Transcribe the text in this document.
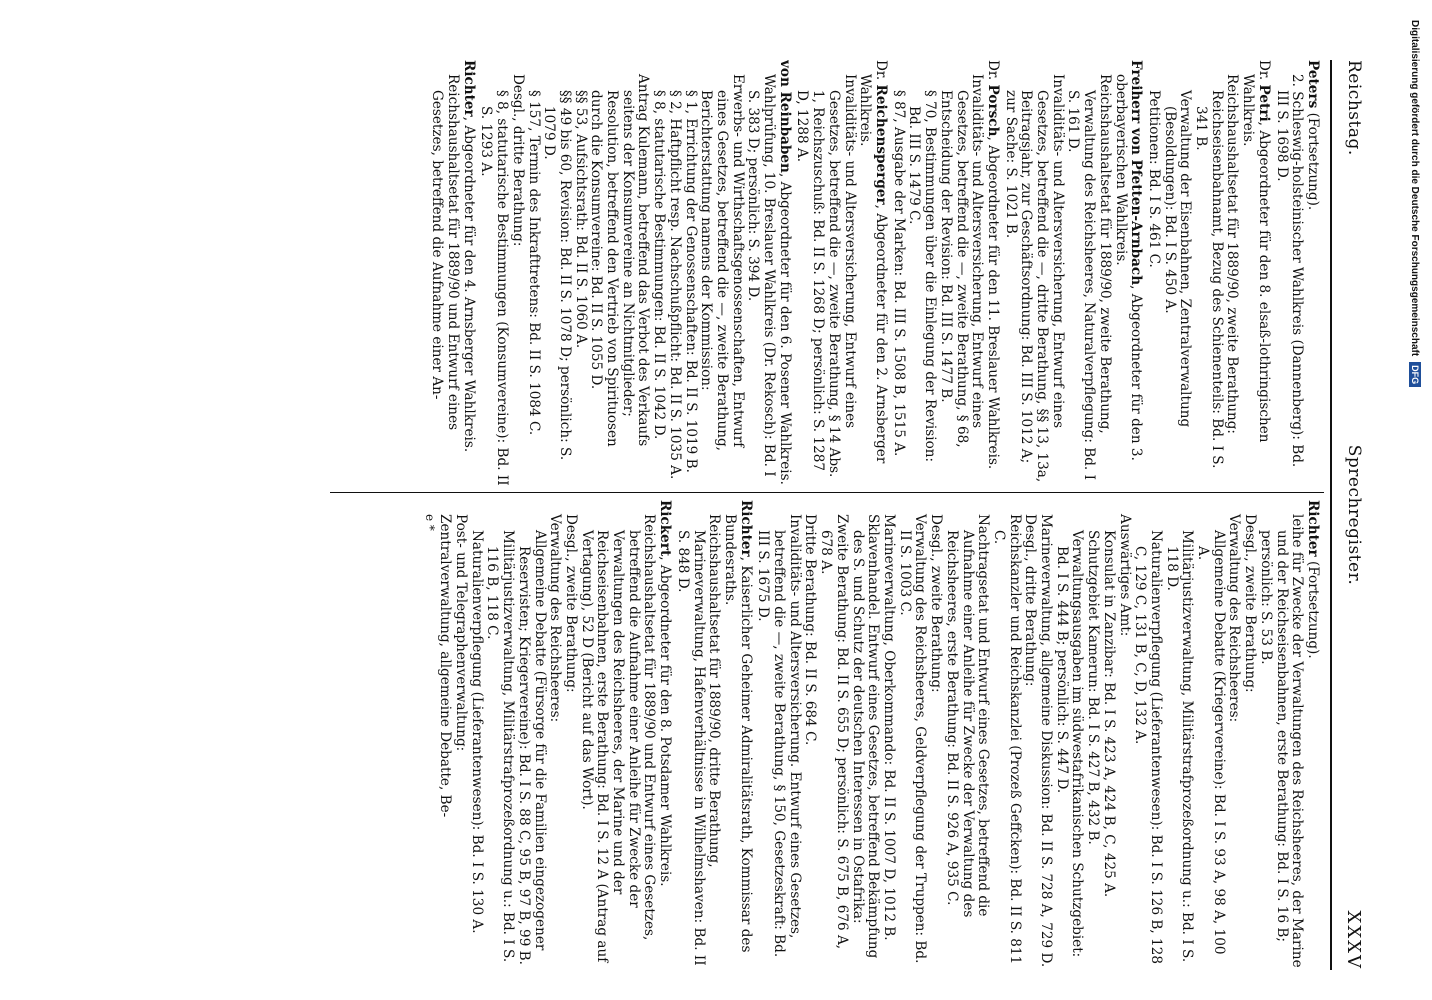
Reichstag.
Sprechregister.
XXXV
Peters (Fortsetzung).
2. Schleswig-holsteinischer Wahlkreis (Dannenberg): Bd. III S. 1698 D.
Dr. Petri, Abgeordneter für den 8. elsaß-lothringischen Wahlkreis.
Reichshaushaltsetat für 1889/90, zweite Berathung:
Reichseisenbahnamt, Bezug des Schienenteils: Bd. I S. 341 B.
Verwaltung der Eisenbahnen, Zentralverwaltung (Besoldungen): Bd. I S. 450 A.
Petitionen: Bd. I S. 461 C.
Freiherr von Pfetten-Arnbach, Abgeordneter für den 3. oberbayerischen Wahlkreis.
Reichshaushaltsetat für 1889/90, zweite Berathung, Verwaltung des Reichsheeres, Naturalverpflegung: Bd. I S. 161 D.
Invaliditäts- und Altersversicherung, Entwurf eines Gesetzes, betreffend die —, dritte Berathung, §§ 13, 13a, Beitragsjahr, zur Geschäftsordnung: Bd. III S. 1012 A; zur Sache: S. 1021 B.
Dr. Porsch, Abgeordneter für den 11. Breslauer Wahlkreis.
Invaliditäts- und Altersversicherung, Entwurf eines Gesetzes, betreffend die —, zweite Berathung, § 68, Entscheidung der Revision: Bd. III S. 1477 B.
§ 70, Bestimmungen über die Einlegung der Revision: Bd. III S. 1479 C.
§ 87, Ausgabe der Marken: Bd. III S. 1508 B, 1515 A.
Dr. Reichensperger, Abgeordneter für den 2. Arnsberger Wahlkreis.
Invaliditäts- und Altersversicherung, Entwurf eines Gesetzes, betreffend die —, zweite Berathung, § 14 Abs. 1, Reichszuschuß: Bd. II S. 1268 D; persönlich: S. 1287 D, 1288 A.
von Reinbaben, Abgeordneter für den 6. Posener Wahlkreis.
Wahlprüfung, 10. Breslauer Wahlkreis (Dr. Rekosch): Bd. I S. 383 D; persönlich: S. 394 D.
Erwerbs- und Wirthschaftsgenossenschaften, Entwurf eines Gesetzes, betreffend die —, zweite Berathung, Berichterstattung namens der Kommission:
§ 1, Errichtung der Genossenschaften: Bd. II S. 1019 B.
§ 2, Haftpflicht resp. Nachschußpflicht: Bd. II S. 1035 A.
§ 8, statutarische Bestimmungen: Bd. II S. 1042 D.
Antrag Kulemann, betreffend das Verbot des Verkaufs seitens der Konsumvereine an Nichtmitglieder; Resolution, betreffend den Vertrieb von Spirituosen durch die Konsumvereine: Bd. II S. 1055 D.
§§ 53, Aufsichtsrath: Bd. II S. 1060 A.
§§ 49 bis 60, Revision: Bd. II S. 1078 D; persönlich: S. 1079 D.
§ 157, Termin des Inkrafttretens: Bd. II S. 1084 C.
Desgl., dritte Berathung:
§ 8, statutarische Bestimmungen (Konsumvereine): Bd. II S. 1293 A.
Richter, Abgeordneter für den 4. Arnsberger Wahlkreis.
Reichshaushaltsetat für 1889/90 und Entwurf eines Gesetzes, betreffend die Aufnahme einer An-
Richter (Fortsetzung).
leihe für Zwecke der Verwaltungen des Reichsheeres, der Marine und der Reichseisenbahnen, erste Berathung: Bd. I S. 16 B; persönlich: S. 53 B.
Desgl., zweite Berathung:
Verwaltung des Reichsheeres:
Allgemeine Debatte (Kriegervereine): Bd. I S. 93 A, 98 A, 100 A.
Militärjustizverwaltung, Militärstrafprozeßordnung u.: Bd. I S. 118 D.
Naturalienverpflegung (Lieferantenwesen): Bd. I S. 126 B, 128 C, 129 C, 131 B, C, D, 132 A.
Auswärtiges Amt:
Konsulat in Zanzibar: Bd. I S. 423 A, 424 B, C, 425 A.
Schutzgebiet Kamerun: Bd. I S. 427 B, 432 B.
Verwaltungsausgaben im südwestafrikanischen Schutzgebiet: Bd. I S. 444 B; persönlich: S. 447 D.
Marineverwaltung, allgemeine Diskussion: Bd. II S. 728 A, 729 D.
Desgl., dritte Berathung:
Reichskanzler und Reichskanzlei (Prozeß Geffcken): Bd. II S. 811 C.
Nachtragsetat und Entwurf eines Gesetzes, betreffend die Aufnahme einer Anleihe für Zwecke der Verwaltung des Reichsheeres, erste Berathung: Bd. II S. 926 A, 935 C.
Desgl., zweite Berathung:
Verwaltung des Reichsheeres, Geldverpflegung der Truppen: Bd. II S. 1003 C.
Marineverwaltung, Oberkommando: Bd. II S. 1007 D, 1012 B.
Sklavenhandel. Entwurf eines Gesetzes, betreffend Bekämpfung des S. und Schutz der deutschen Interessen in Ostafrika:
Zweite Berathung: Bd. II S. 655 D; persönlich: S. 675 B, 676 A, 678 A.
Dritte Berathung: Bd. II S. 684 C.
Invaliditäts- und Altersversicherung. Entwurf eines Gesetzes, betreffend die —, zweite Berathung, § 150, Gesetzeskraft: Bd. III S. 1675 D.
Richter, Kaiserlicher Geheimer Admiralitätsrath, Kommissar des Bundesraths.
Reichshaushaltsetat für 1889/90, dritte Berathung, Marineverwaltung, Hafenverhältnisse in Wilhelmshaven: Bd. II S. 848 D.
Rickert, Abgeordneter für den 8. Potsdamer Wahlkreis.
Reichshaushaltsetat für 1889/90 und Entwurf eines Gesetzes, betreffend die Aufnahme einer Anleihe für Zwecke der Verwaltungen des Reichsheeres, der Marine und der Reichseisenbahnen, erste Berathung: Bd. I S. 12 A (Antrag auf Vertagung), 52 D (Bericht auf das Wort).
Desgl., zweite Berathung:
Verwaltung des Reichsheeres:
Allgemeine Debatte (Fürsorge für die Familien eingezogener Reservisten; Kriegervereine): Bd. I S. 88 C, 95 B, 97 B, 99 B.
Militärjustizverwaltung, Militärstrafprozeßordnung u.: Bd. I S. 116 B, 118 C.
Naturalienverpflegung (Lieferantenwesen): Bd. I S. 130 A.
Post- und Telegraphenverwaltung:
Zentralverwaltung, allgemeine Debatte, Be-
e *
Digitalisierung gefördert durch die Deutsche Forschungsgemeinschaft
DFG
